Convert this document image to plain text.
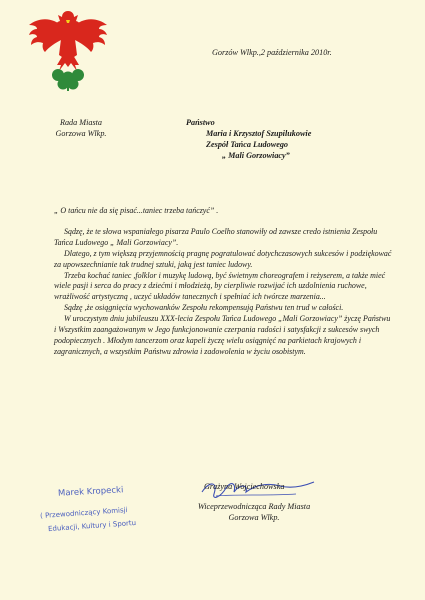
Rada Miasta
Gorzowa Wlkp.
Gorzów Wlkp.,2 października 2010r.
Państwo
Maria i Krzysztof Szupilukowie
Zespół Tańca Ludowego
„ Mali Gorzowiacy”

„ O tańcu nie da się pisać...taniec trzeba tańczyć” .

Sądzę, że te słowa wspaniałego pisarza Paulo Coelho stanowiły od zawsze credo istnienia Zespołu Tańca Ludowego „ Mali Gorzowiacy”.

Dlatego, z tym większą przyjemnością pragnę pogratulować dotychczasowych sukcesów i podziękować za upowszechnianie tak trudnej sztuki, jaką jest taniec ludowy.

Trzeba kochać taniec ,folklor i muzykę ludową, być świetnym choreografem i reżyserem, a także mieć wiele pasji i serca do pracy z dziećmi i młodzieżą, by cierpliwie rozwijać ich uzdolnienia ruchowe, wrażliwość artystyczną , uczyć układów tanecznych i spełniać ich twórcze marzenia...

Sądzę ,że osiągnięcia wychowanków Zespołu rekompensują Państwu ten trud w całości.

W uroczystym dniu jubileuszu XXX-lecia Zespołu Tańca Ludowego „Mali Gorzowiacy” życzę Państwu i Wszystkim zaangażowanym w Jego funkcjonowanie czerpania radości i satysfakcji z sukcesów swych podopiecznych . Młodym tancerzom oraz kapeli życzę wielu osiągnięć na parkietach krajowych i zagranicznych, a wszystkim Państwu zdrowia i zadowolenia w życiu osobistym.

Marek Kropecki
( Przewodniczący Komisji
Edukacji, Kultury i Sportu
Grażyna Wojciechowska
Wiceprzewodnicząca Rady Miasta
Gorzowa Wlkp.
